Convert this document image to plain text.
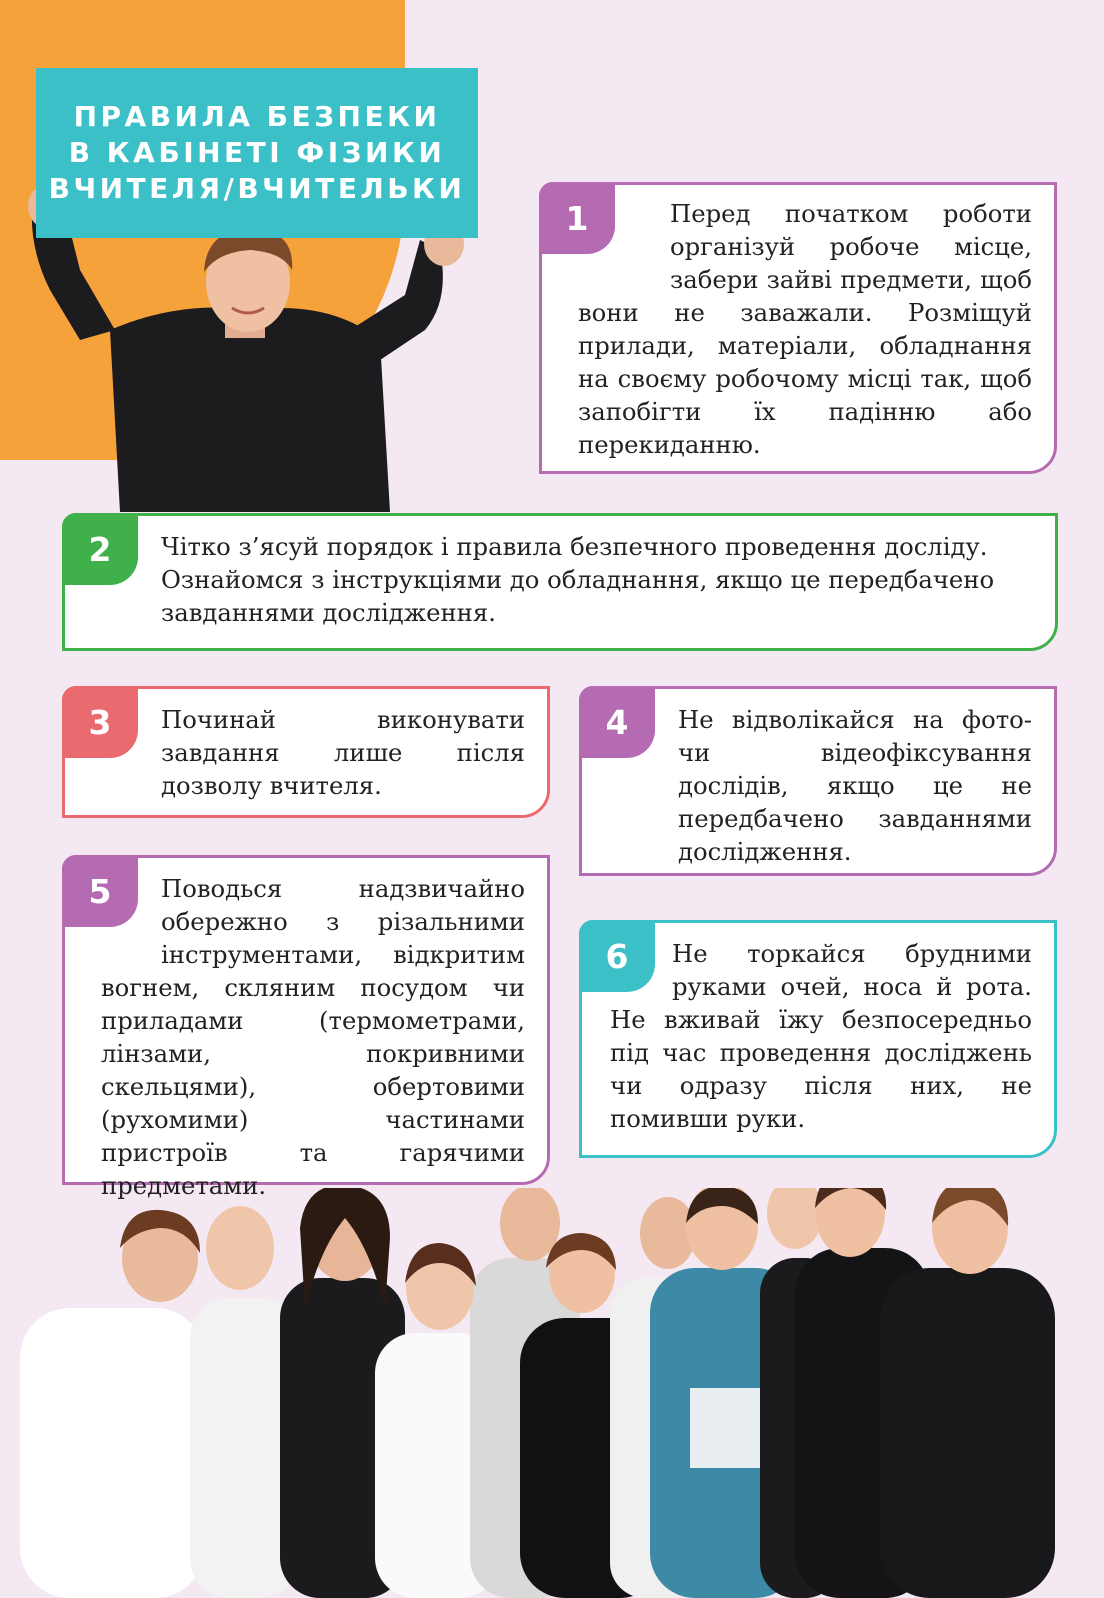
ПРАВИЛА БЕЗПЕКИ
В КАБІНЕТІ ФІЗИКИ
ВЧИТЕЛЯ/ВЧИТЕЛЬКИ
1	Перед початком роботи організуй робоче місце, забери зайві предмети, щоб вони не заважали. Розміщуй прилади, матеріали, обладнання на своєму робочому місці так, щоб запобігти їх падінню або перекиданню.

2	Чітко з’ясуй порядок і правила безпечного проведення досліду. Ознайомся з інструкціями до обладнання, якщо це передбачено завданнями дослідження.

3	Починай виконувати завдання лише після дозволу вчителя.

4	Не відволікайся на фото- чи відеофіксування дослідів, якщо це не передбачено завданнями дослідження.

5	Поводься надзвичайно обережно з різальними інструментами, відкритим вогнем, скляним посудом чи приладами (термометрами, лінзами, покривними скельцями), обертовими (рухомими) частинами пристроїв та гарячими предметами.

6	Не торкайся брудними руками очей, носа й рота. Не вживай їжу безпосередньо під час проведення досліджень чи одразу після них, не помивши руки.
